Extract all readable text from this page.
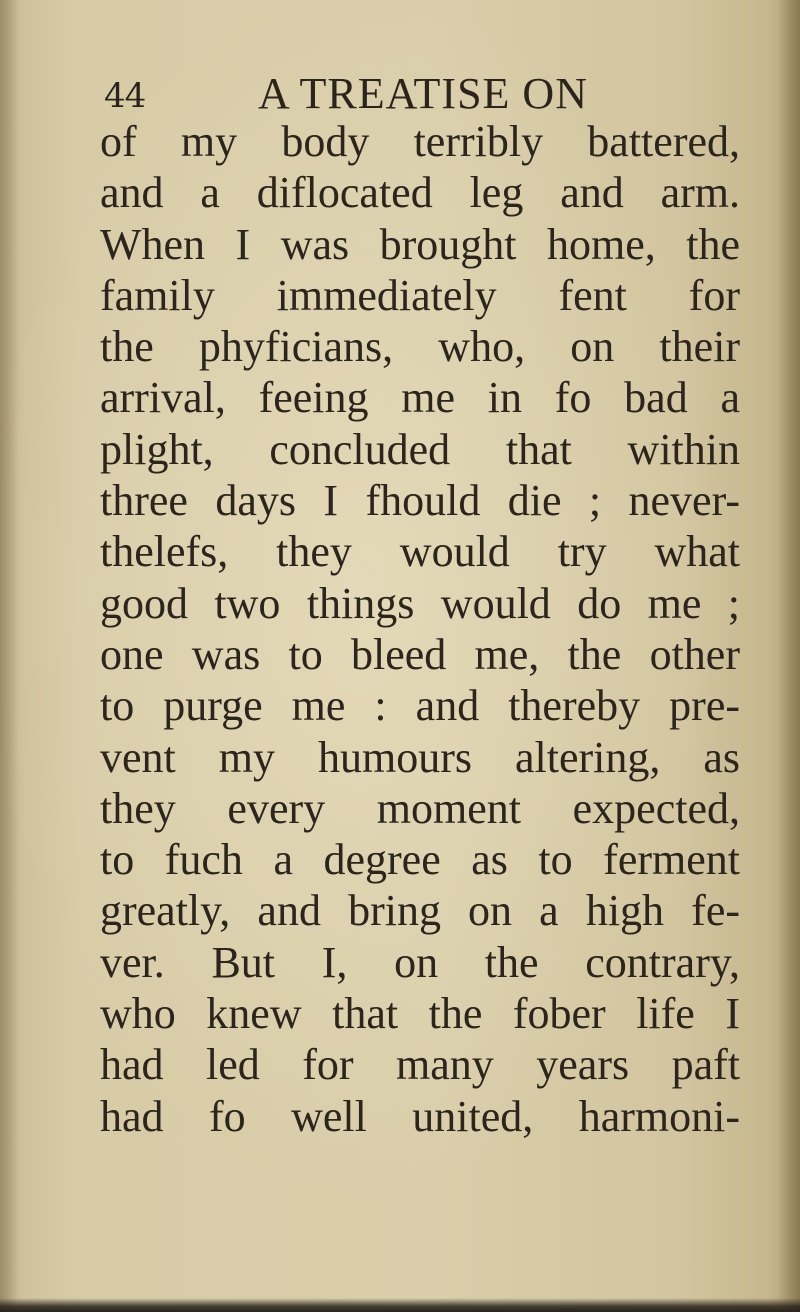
44	A TREATISE ON
of my body terribly battered,
and a diflocated leg and arm.
When I was brought home, the
family immediately fent for
the phyficians, who, on their
arrival, feeing me in fo bad a
plight, concluded that within
three days I fhould die ; never-
thelefs, they would try what
good two things would do me ;
one was to bleed me, the other
to purge me : and thereby pre-
vent my humours altering, as
they every moment expected,
to fuch a degree as to ferment
greatly, and bring on a high fe-
ver. But I, on the contrary,
who knew that the fober life I
had led for many years paft
had fo well united, harmoni-
